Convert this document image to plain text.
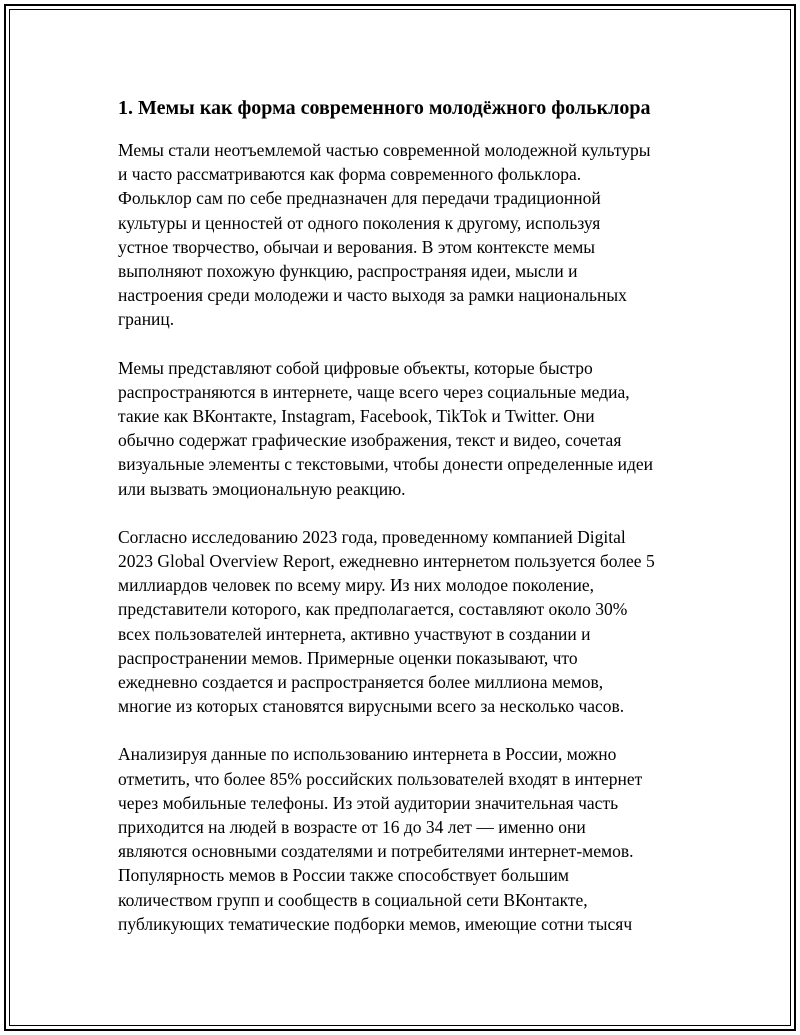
1. Мемы как форма современного молодёжного фольклора

Мемы стали неотъемлемой частью современной молодежной культуры
и часто рассматриваются как форма современного фольклора.
Фольклор сам по себе предназначен для передачи традиционной
культуры и ценностей от одного поколения к другому, используя
устное творчество, обычаи и верования. В этом контексте мемы
выполняют похожую функцию, распространяя идеи, мысли и
настроения среди молодежи и часто выходя за рамки национальных
границ.

Мемы представляют собой цифровые объекты, которые быстро
распространяются в интернете, чаще всего через социальные медиа,
такие как ВКонтакте, Instagram, Facebook, TikTok и Twitter. Они
обычно содержат графические изображения, текст и видео, сочетая
визуальные элементы с текстовыми, чтобы донести определенные идеи
или вызвать эмоциональную реакцию.

Согласно исследованию 2023 года, проведенному компанией Digital
2023 Global Overview Report, ежедневно интернетом пользуется более 5
миллиардов человек по всему миру. Из них молодое поколение,
представители которого, как предполагается, составляют около 30%
всех пользователей интернета, активно участвуют в создании и
распространении мемов. Примерные оценки показывают, что
ежедневно создается и распространяется более миллиона мемов,
многие из которых становятся вирусными всего за несколько часов.

Анализируя данные по использованию интернета в России, можно
отметить, что более 85% российских пользователей входят в интернет
через мобильные телефоны. Из этой аудитории значительная часть
приходится на людей в возрасте от 16 до 34 лет — именно они
являются основными создателями и потребителями интернет-мемов.
Популярность мемов в России также способствует большим
количеством групп и сообществ в социальной сети ВКонтакте,
публикующих тематические подборки мемов, имеющие сотни тысяч
